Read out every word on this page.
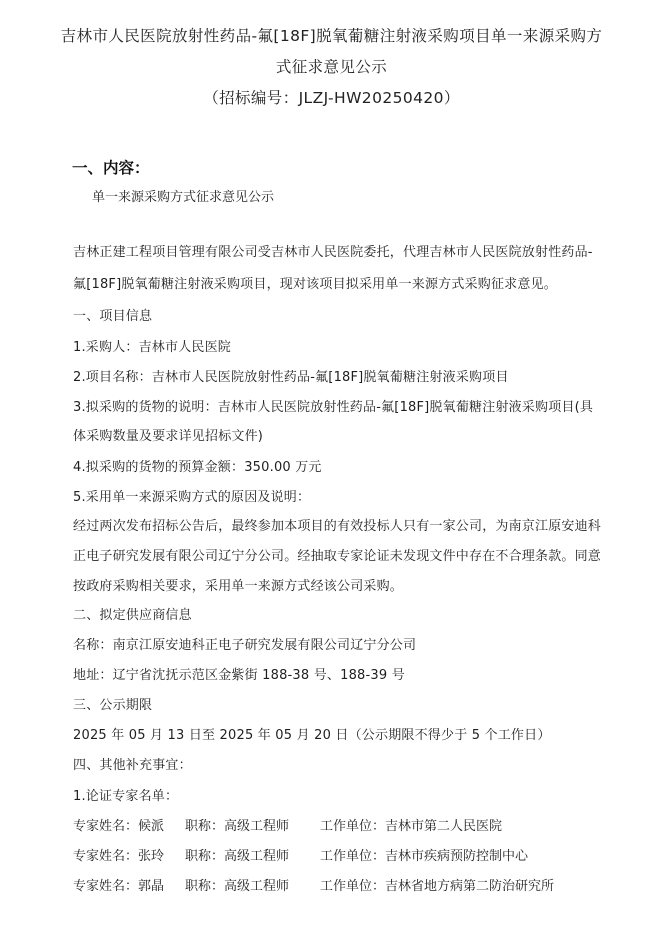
吉林市人民医院放射性药品-氟[18F]脱氧葡糖注射液采购项目单一来源采购方
式征求意见公示
（招标编号：JLZJ-HW20250420）
一、内容：
单一来源采购方式征求意见公示
吉林正建工程项目管理有限公司受吉林市人民医院委托，代理吉林市人民医院放射性药品-
氟[18F]脱氧葡糖注射液采购项目，现对该项目拟采用单一来源方式采购征求意见。
一、项目信息
1.采购人：吉林市人民医院
2.项目名称：吉林市人民医院放射性药品-氟[18F]脱氧葡糖注射液采购项目
3.拟采购的货物的说明：吉林市人民医院放射性药品-氟[18F]脱氧葡糖注射液采购项目(具
体采购数量及要求详见招标文件)
4.拟采购的货物的预算金额：350.00 万元
5.采用单一来源采购方式的原因及说明：
经过两次发布招标公告后，最终参加本项目的有效投标人只有一家公司，为南京江原安迪科
正电子研究发展有限公司辽宁分公司。经抽取专家论证未发现文件中存在不合理条款。同意
按政府采购相关要求，采用单一来源方式经该公司采购。
二、拟定供应商信息
名称：南京江原安迪科正电子研究发展有限公司辽宁分公司
地址：辽宁省沈抚示范区金紫街 188-38 号、188-39 号
三、公示期限
2025 年 05 月 13 日至 2025 年 05 月 20 日（公示期限不得少于 5 个工作日）
四、其他补充事宜：
1.论证专家名单：
专家姓名：候派 职称：高级工程师 工作单位：吉林市第二人民医院
专家姓名：张玲 职称：高级工程师 工作单位：吉林市疾病预防控制中心
专家姓名：郭晶 职称：高级工程师 工作单位：吉林省地方病第二防治研究所
